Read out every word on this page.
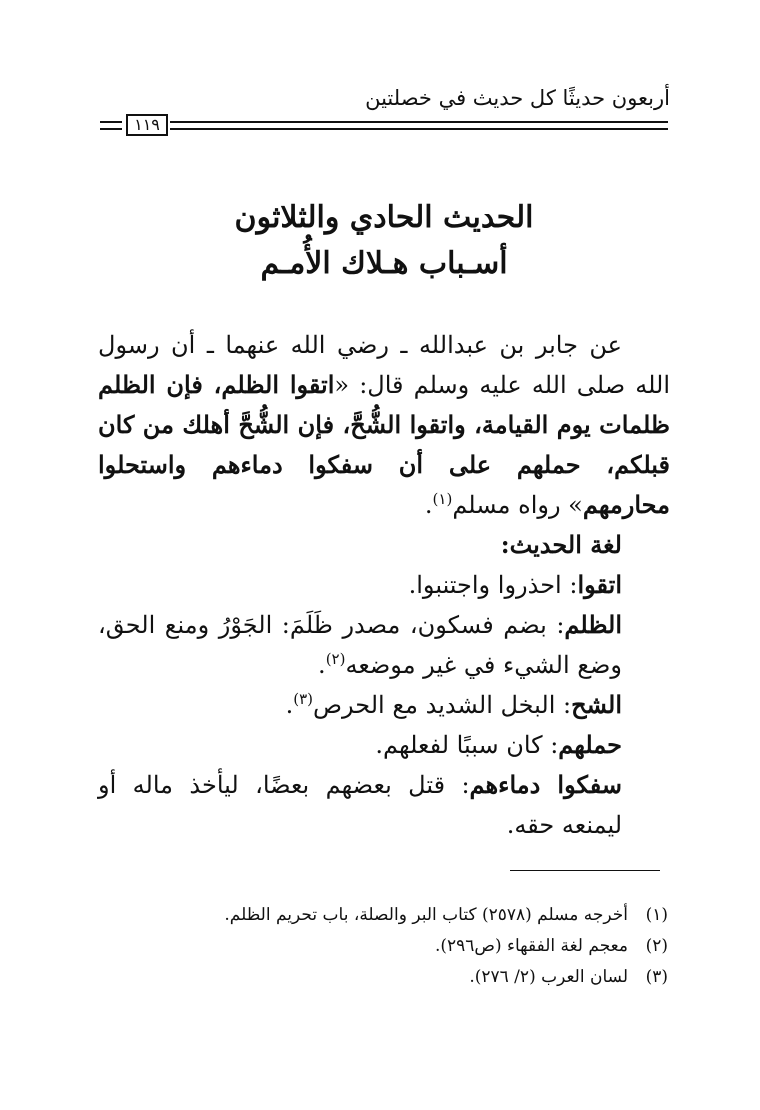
أربعون حديثًا كل حديث في خصلتين
١١٩
الحديث الحادي والثلاثون
أسـباب هـلاك الأُمـم

عن جابر بن عبدالله ـ رضي الله عنهما ـ أن رسول الله صلى الله عليه وسلم قال: «اتقوا الظلم، فإن الظلم ظلمات يوم القيامة، واتقوا الشُّحَّ، فإن الشُّحَّ أهلك من كان قبلكم، حملهم على أن سفكوا دماءهم واستحلوا محارمهم» رواه مسلم$^{(١)}$.

لغة الحديث:

اتقوا: احذروا واجتنبوا.

الظلم: بضم فسكون، مصدر ظَلَمَ: الجَوْرُ ومنع الحق، وضع الشيء في غير موضعه$^{(٢)}$.

الشح: البخل الشديد مع الحرص$^{(٣)}$.

حملهم: كان سببًا لفعلهم.

سفكوا دماءهم: قتل بعضهم بعضًا، ليأخذ ماله أو ليمنعه حقه.

(١)أخرجه مسلم (٢٥٧٨) كتاب البر والصلة، باب تحريم الظلم.
(٢)معجم لغة الفقهاء (ص٢٩٦).
(٣)لسان العرب (٢/ ٢٧٦).
